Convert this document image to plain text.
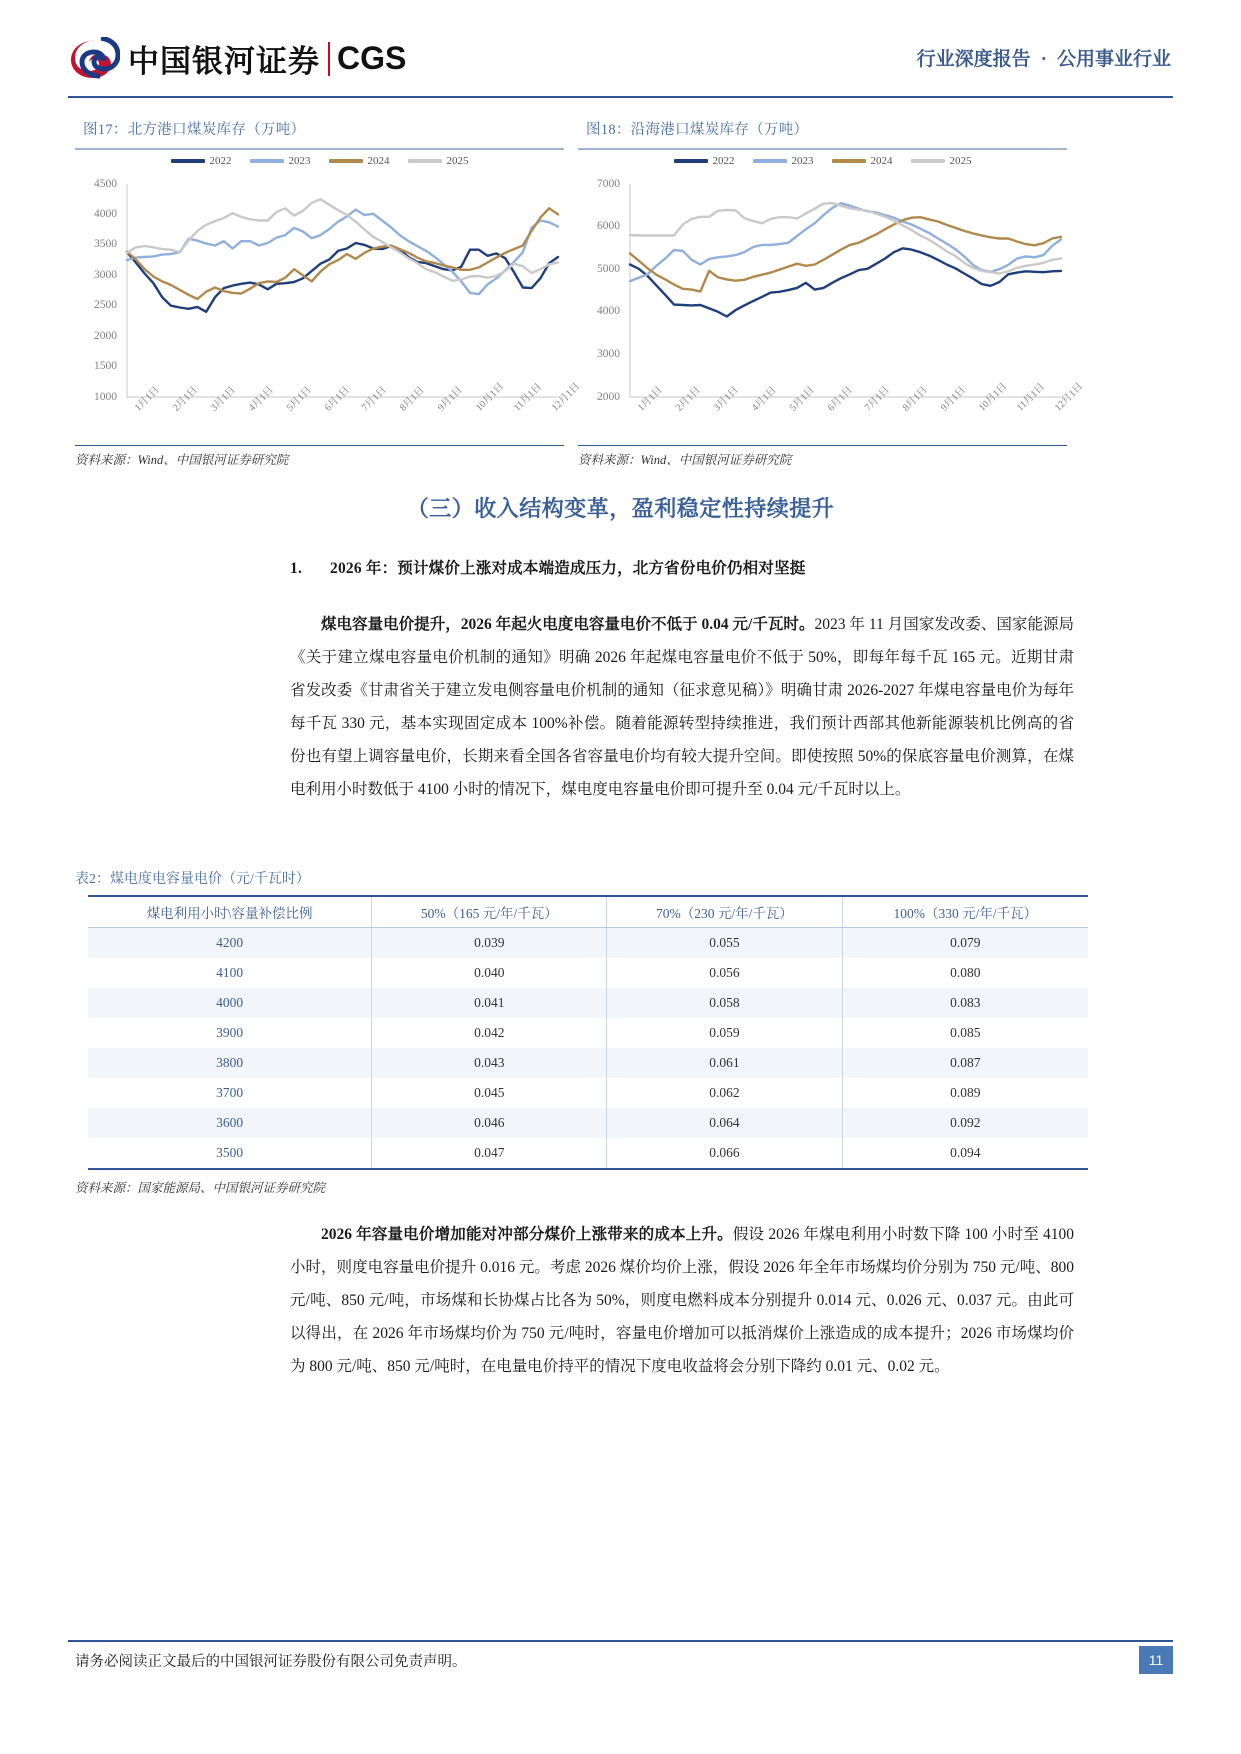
中国银河证券 CGS	行业深度报告 · 公用事业行业
图17：北方港口煤炭库存（万吨）
2022	2023	2024	2025
1000
1500
2000
2500
3000
3500
4000
4500
1月1日 2月1日 3月1日 4月1日 5月1日 6月1日 7月1日 8月1日 9月1日 10月1日 11月1日 12月1日
资料来源：Wind、中国银河证券研究院
图18：沿海港口煤炭库存（万吨）
2022	2023	2024	2025
2000
3000
4000
5000
6000
7000
1月1日 2月1日 3月1日 4月1日 5月1日 6月1日 7月1日 8月1日 9月1日 10月1日 11月1日 12月1日
资料来源：Wind、中国银河证券研究院
（三）收入结构变革，盈利稳定性持续提升
1. 2026 年：预计煤价上涨对成本端造成压力，北方省份电价仍相对坚挺
煤电容量电价提升，2026 年起火电度电容量电价不低于 0.04 元/千瓦时。2023 年 11 月国家发改委、国家能源局《关于建立煤电容量电价机制的通知》明确 2026 年起煤电容量电价不低于 50%，即每年每千瓦 165 元。近期甘肃省发改委《甘肃省关于建立发电侧容量电价机制的通知（征求意见稿）》明确甘肃 2026-2027 年煤电容量电价为每年每千瓦 330 元，基本实现固定成本 100%补偿。随着能源转型持续推进，我们预计西部其他新能源装机比例高的省份也有望上调容量电价，长期来看全国各省容量电价均有较大提升空间。即使按照 50%的保底容量电价测算，在煤电利用小时数低于 4100 小时的情况下，煤电度电容量电价即可提升至 0.04 元/千瓦时以上。
表2：煤电度电容量电价（元/千瓦时）
煤电利用小时\容量补偿比例	50%（165 元/年/千瓦）	70%（230 元/年/千瓦）	100%（330 元/年/千瓦）
4200	0.039	0.055	0.079
4100	0.040	0.056	0.080
4000	0.041	0.058	0.083
3900	0.042	0.059	0.085
3800	0.043	0.061	0.087
3700	0.045	0.062	0.089
3600	0.046	0.064	0.092
3500	0.047	0.066	0.094
资料来源：国家能源局、中国银河证券研究院
2026 年容量电价增加能对冲部分煤价上涨带来的成本上升。假设 2026 年煤电利用小时数下降 100 小时至 4100 小时，则度电容量电价提升 0.016 元。考虑 2026 煤价均价上涨，假设 2026 年全年市场煤均价分别为 750 元/吨、800 元/吨、850 元/吨，市场煤和长协煤占比各为 50%，则度电燃料成本分别提升 0.014 元、0.026 元、0.037 元。由此可以得出，在 2026 年市场煤均价为 750 元/吨时，容量电价增加可以抵消煤价上涨造成的成本提升；2026 市场煤均价为 800 元/吨、850 元/吨时，在电量电价持平的情况下度电收益将会分别下降约 0.01 元、0.02 元。
请务必阅读正文最后的中国银河证券股份有限公司免责声明。	11
